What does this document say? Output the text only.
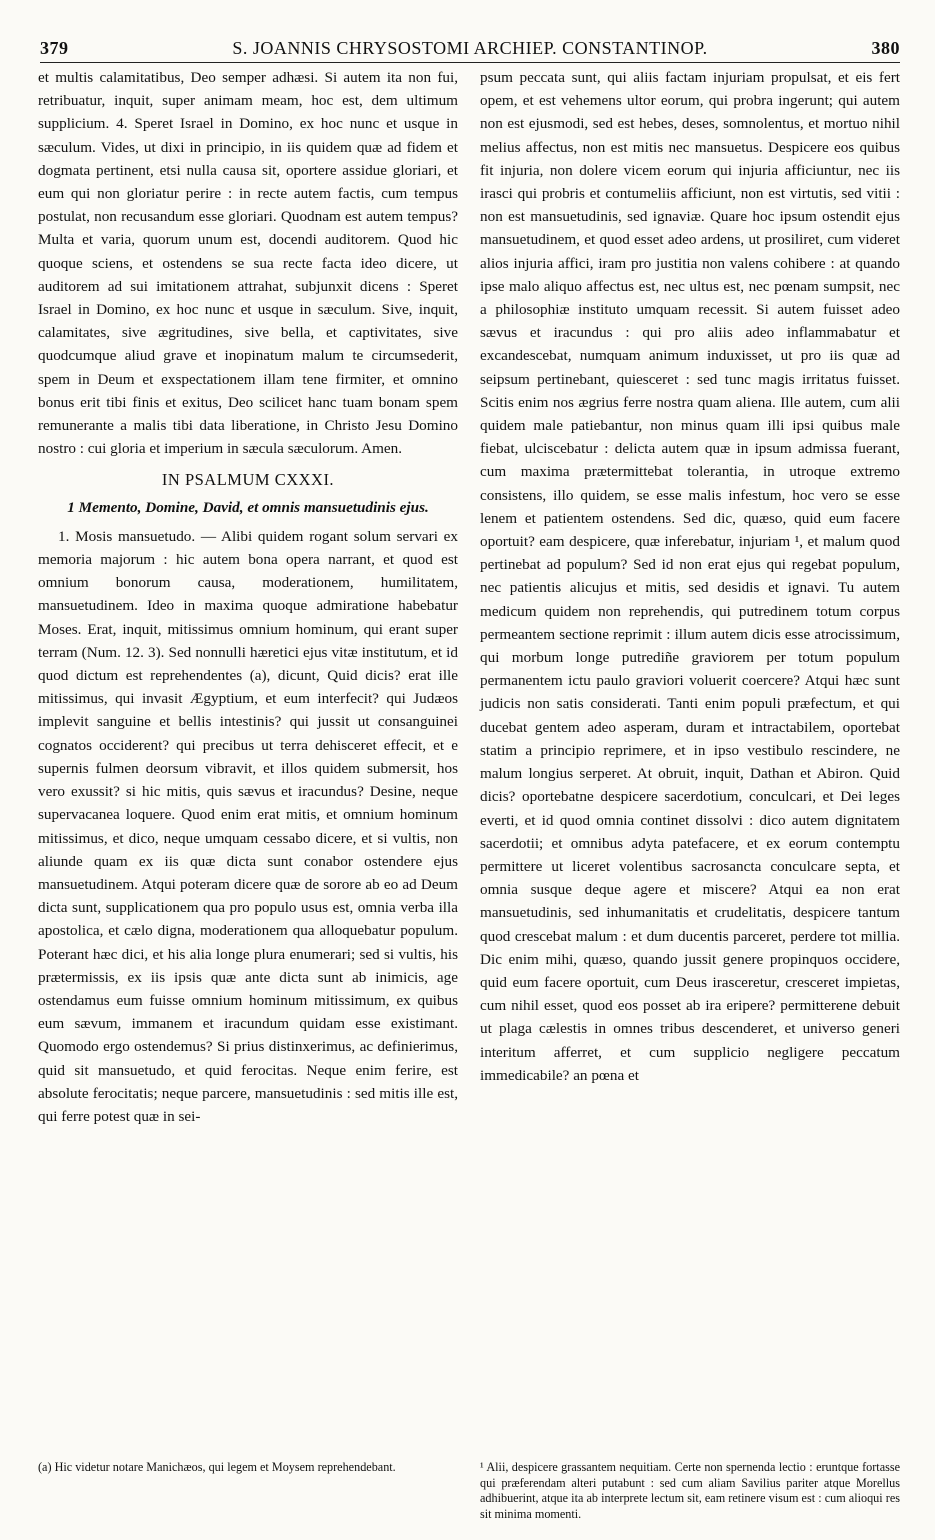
379	S. JOANNIS CHRYSOSTOMI ARCHIEP. CONSTANTINOP.	380

et multis calamitatibus, Deo semper adhæsi. Si autem ita non fui, retribuatur, inquit, super animam meam, hoc est, dem ultimum supplicium. 4. Speret Israel in Domino, ex hoc nunc et usque in sæculum. Vides, ut dixi in principio, in iis quidem quæ ad fidem et dogmata pertinent, etsi nulla causa sit, oportere assidue gloriari, et eum qui non gloriatur perire : in recte autem factis, cum tempus postulat, non recusandum esse gloriari. Quodnam est autem tempus? Multa et varia, quorum unum est, docendi auditorem. Quod hic quoque sciens, et ostendens se sua recte facta ideo dicere, ut auditorem ad sui imitationem attrahat, subjunxit dicens : Speret Israel in Domino, ex hoc nunc et usque in sæculum. Sive, inquit, calamitates, sive ægritudines, sive bella, et captivitates, sive quodcumque aliud grave et inopinatum malum te circumsederit, spem in Deum et exspectationem illam tene firmiter, et omnino bonus erit tibi finis et exitus, Deo scilicet hanc tuam bonam spem remunerante a malis tibi data liberatione, in Christo Jesu Domino nostro : cui gloria et imperium in sæcula sæculorum. Amen.

IN PSALMUM CXXXI.
1 Memento, Domine, David, et omnis mansuetudinis ejus.

1. Mosis mansuetudo. — Alibi quidem rogant solum servari ex memoria majorum : hic autem bona opera narrant, et quod est omnium bonorum causa, moderationem, humilitatem, mansuetudinem. Ideo in maxima quoque admiratione habebatur Moses. Erat, inquit, mitissimus omnium hominum, qui erant super terram (Num. 12. 3). Sed nonnulli hæretici ejus vitæ institutum, et id quod dictum est reprehendentes (a), dicunt, Quid dicis? erat ille mitissimus, qui invasit Ægyptium, et eum interfecit? qui Judæos implevit sanguine et bellis intestinis? qui jussit ut consanguinei cognatos occiderent? qui precibus ut terra dehisceret effecit, et e supernis fulmen deorsum vibravit, et illos quidem submersit, hos vero exussit? si hic mitis, quis sævus et iracundus? Desine, neque supervacanea loquere. Quod enim erat mitis, et omnium hominum mitissimus, et dico, neque umquam cessabo dicere, et si vultis, non aliunde quam ex iis quæ dicta sunt conabor ostendere ejus mansuetudinem. Atqui poteram dicere quæ de sorore ab eo ad Deum dicta sunt, supplicationem qua pro populo usus est, omnia verba illa apostolica, et cælo digna, moderationem qua alloquebatur populum. Poterant hæc dici, et his alia longe plura enumerari; sed si vultis, his prætermissis, ex iis ipsis quæ ante dicta sunt ab inimicis, age ostendamus eum fuisse omnium hominum mitissimum, ex quibus eum sævum, immanem et iracundum quidam esse existimant. Quomodo ergo ostendemus? Si prius distinxerimus, ac definierimus, quid sit mansuetudo, et quid ferocitas. Neque enim ferire, est absolute ferocitatis; neque parcere, mansuetudinis : sed mitis ille est, qui ferre potest quæ in sei-

psum peccata sunt, qui aliis factam injuriam propulsat, et eis fert opem, et est vehemens ultor eorum, qui probra ingerunt; qui autem non est ejusmodi, sed est hebes, deses, somnolentus, et mortuo nihil melius affectus, non est mitis nec mansuetus. Despicere eos quibus fit injuria, non dolere vicem eorum qui injuria afficiuntur, nec iis irasci qui probris et contumeliis afficiunt, non est virtutis, sed vitii : non est mansuetudinis, sed ignaviæ. Quare hoc ipsum ostendit ejus mansuetudinem, et quod esset adeo ardens, ut prosiliret, cum videret alios injuria affici, iram pro justitia non valens cohibere : at quando ipse malo aliquo affectus est, nec ultus est, nec pœnam sumpsit, nec a philosophiæ instituto umquam recessit. Si autem fuisset adeo sævus et iracundus : qui pro aliis adeo inflammabatur et excandescebat, numquam animum induxisset, ut pro iis quæ ad seipsum pertinebant, quiesceret : sed tunc magis irritatus fuisset. Scitis enim nos ægrius ferre nostra quam aliena. Ille autem, cum alii quidem male patiebantur, non minus quam illi ipsi quibus male fiebat, ulciscebatur : delicta autem quæ in ipsum admissa fuerant, cum maxima prætermittebat tolerantia, in utroque extremo consistens, illo quidem, se esse malis infestum, hoc vero se esse lenem et patientem ostendens. Sed dic, quæso, quid eum facere oportuit? eam despicere, quæ inferebatur, injuriam ¹, et malum quod pertinebat ad populum? Sed id non erat ejus qui regebat populum, nec patientis alicujus et mitis, sed desidis et ignavi. Tu autem medicum quidem non reprehendis, qui putredinem totum corpus permeantem sectione reprimit : illum autem dicis esse atrocissimum, qui morbum longe putrediñe graviorem per totum populum permanentem ictu paulo graviori voluerit coercere? Atqui hæc sunt judicis non satis considerati. Tanti enim populi præfectum, et qui ducebat gentem adeo asperam, duram et intractabilem, oportebat statim a principio reprimere, et in ipso vestibulo rescindere, ne malum longius serperet. At obruit, inquit, Dathan et Abiron. Quid dicis? oportebatne despicere sacerdotium, conculcari, et Dei leges everti, et id quod omnia continet dissolvi : dico autem dignitatem sacerdotii; et omnibus adyta patefacere, et ex eorum contemptu permittere ut liceret volentibus sacrosancta conculcare septa, et omnia susque deque agere et miscere? Atqui ea non erat mansuetudinis, sed inhumanitatis et crudelitatis, despicere tantum quod crescebat malum : et dum ducentis parceret, perdere tot millia. Dic enim mihi, quæso, quando jussit genere propinquos occidere, quid eum facere oportuit, cum Deus irasceretur, cresceret impietas, cum nihil esset, quod eos posset ab ira eripere? permitterene debuit ut plaga cælestis in omnes tribus descenderet, et universo generi interitum afferret, et cum supplicio negligere peccatum immedicabile? an pœna et

¹ Alii, despicere grassantem nequitiam. Certe non spernenda lectio : eruntque fortasse qui præferendam alteri putabunt : sed cum aliam Savilius pariter atque Morellus adhibuerint, atque ita ab interprete lectum sit, eam retinere visum est : cum alioqui res sit minima momenti.
(a) Hic videtur notare Manichæos, qui legem et Moysem reprehendebant.
